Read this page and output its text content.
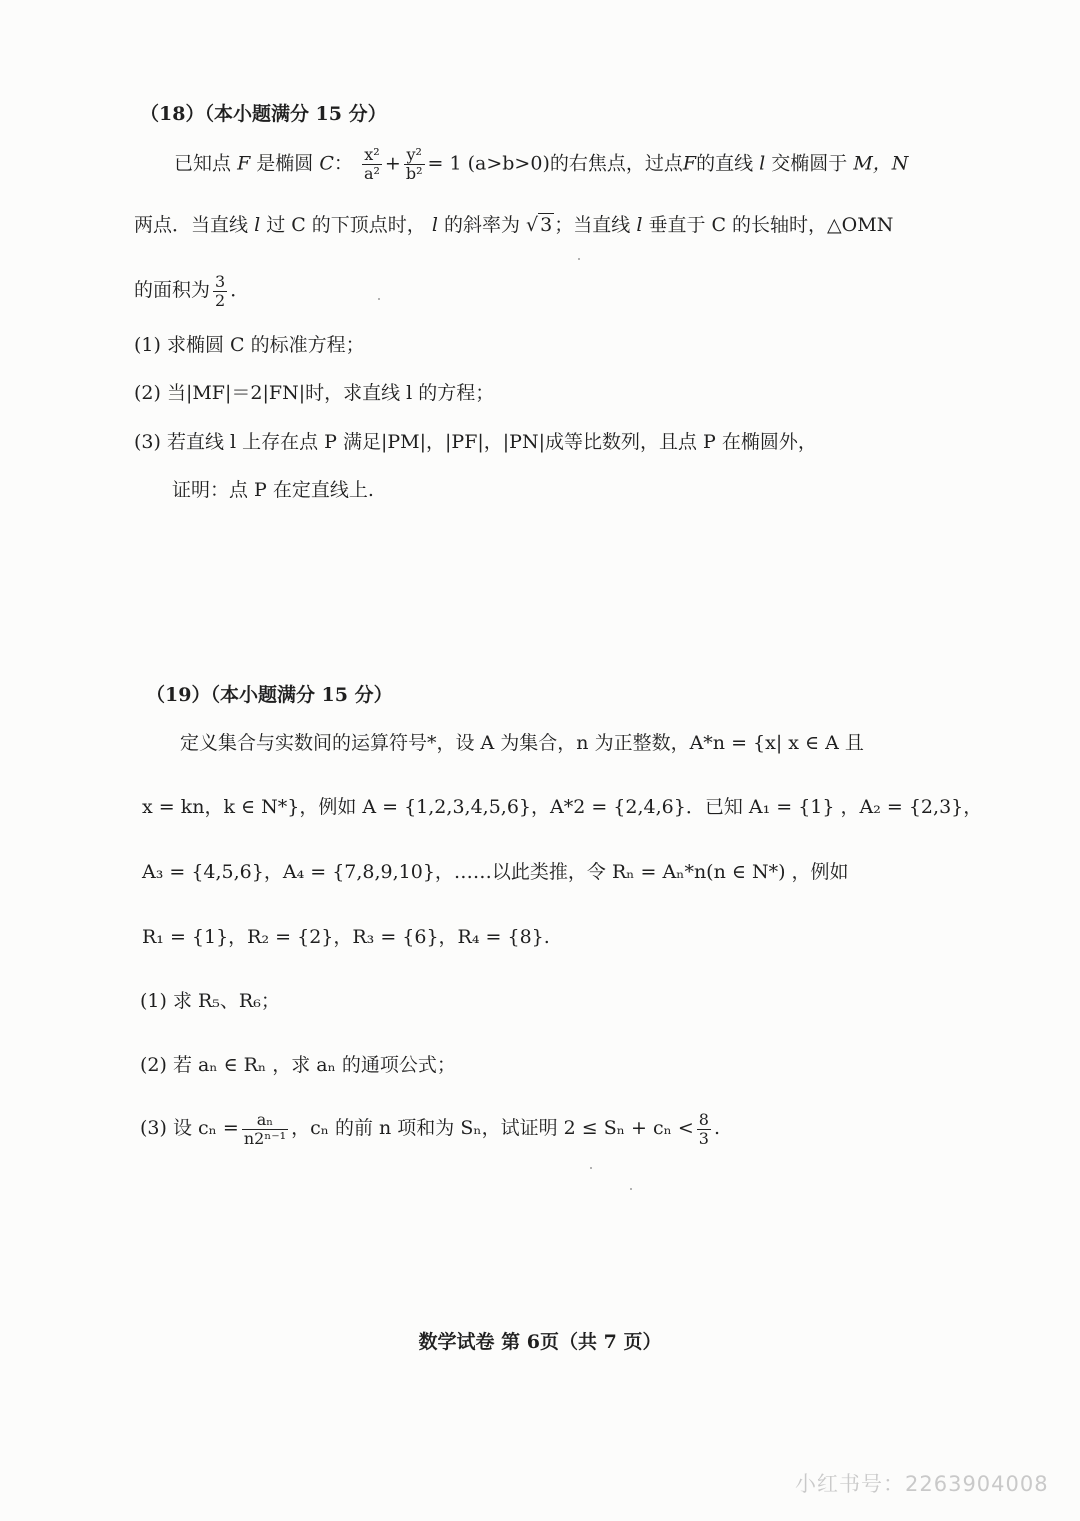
（18）（本小题满分 15 分）
已知点 F 是椭圆 C： $\frac{\text{x²}}{\text{a²}} + \frac{\text{y²}}{\text{b²}} = 1$ (a>b>0)的右焦点，过点F的直线 l 交椭圆于 M，N
两点．当直线 l 过 C 的下顶点时， l 的斜率为 √ 3 ；当直线 l 垂直于 C 的长轴时，△OMN
的面积为 $\frac{3}{2}$ ．
(1) 求椭圆 C 的标准方程；
(2) 当|MF|＝2|FN|时，求直线 l 的方程；
(3) 若直线 l 上存在点 P 满足|PM|，|PF|，|PN|成等比数列，且点 P 在椭圆外，
证明：点 P 在定直线上.
（19）（本小题满分 15 分）
定义集合与实数间的运算符号*，设 A 为集合，n 为正整数，A*n = {x| x ∈ A 且
x = kn，k ∈ N*}，例如 A = {1,2,3,4,5,6}，A*2 = {2,4,6}．已知 A₁ = {1} ，A₂ = {2,3}，
A₃ = {4,5,6}，A₄ = {7,8,9,10}，……以此类推，令 Rₙ = Aₙ*n(n ∈ N*) ，例如
R₁ = {1}，R₂ = {2}，R₃ = {6}，R₄ = {8}.
(1) 求 R₅、R₆；
(2) 若 aₙ ∈ Rₙ ，求 aₙ 的通项公式；
(3) 设 $c_n = \frac{\text{aₙ}}{\text{n2ⁿ⁻¹}}$ ，cₙ 的前 n 项和为 Sₙ，试证明 $2 \le S_n + c_n < \frac{8}{3}$ .
数学试卷 第 6页（共 7 页）
小红书号：2263904008
